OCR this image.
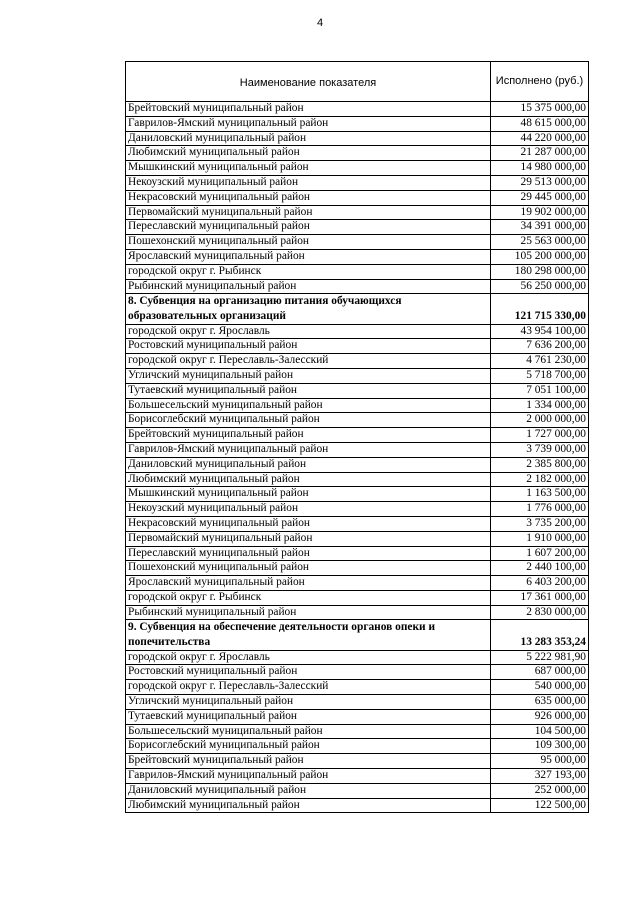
4
Наименование показателя	Исполнено (руб.)
Брейтовский муниципальный район	15 375 000,00
Гаврилов-Ямский муниципальный район	48 615 000,00
Даниловский муниципальный район	44 220 000,00
Любимский муниципальный район	21 287 000,00
Мышкинский муниципальный район	14 980 000,00
Некоузский муниципальный район	29 513 000,00
Некрасовский муниципальный район	29 445 000,00
Первомайский муниципальный район	19 902 000,00
Переславский муниципальный район	34 391 000,00
Пошехонский муниципальный район	25 563 000,00
Ярославский муниципальный район	105 200 000,00
городской округ г. Рыбинск	180 298 000,00
Рыбинский муниципальный район	56 250 000,00
8. Субвенция на организацию питания обучающихся образовательных организаций	121 715 330,00
городской округ г. Ярославль	43 954 100,00
Ростовский муниципальный район	7 636 200,00
городской округ г. Переславль-Залесский	4 761 230,00
Угличский муниципальный район	5 718 700,00
Тутаевский муниципальный район	7 051 100,00
Большесельский муниципальный район	1 334 000,00
Борисоглебский муниципальный район	2 000 000,00
Брейтовский муниципальный район	1 727 000,00
Гаврилов-Ямский муниципальный район	3 739 000,00
Даниловский муниципальный район	2 385 800,00
Любимский муниципальный район	2 182 000,00
Мышкинский муниципальный район	1 163 500,00
Некоузский муниципальный район	1 776 000,00
Некрасовский муниципальный район	3 735 200,00
Первомайский муниципальный район	1 910 000,00
Переславский муниципальный район	1 607 200,00
Пошехонский муниципальный район	2 440 100,00
Ярославский муниципальный район	6 403 200,00
городской округ г. Рыбинск	17 361 000,00
Рыбинский муниципальный район	2 830 000,00
9. Субвенция на обеспечение деятельности органов опеки и попечительства	13 283 353,24
городской округ г. Ярославль	5 222 981,90
Ростовский муниципальный район	687 000,00
городской округ г. Переславль-Залесский	540 000,00
Угличский муниципальный район	635 000,00
Тутаевский муниципальный район	926 000,00
Большесельский муниципальный район	104 500,00
Борисоглебский муниципальный район	109 300,00
Брейтовский муниципальный район	95 000,00
Гаврилов-Ямский муниципальный район	327 193,00
Даниловский муниципальный район	252 000,00
Любимский муниципальный район	122 500,00
